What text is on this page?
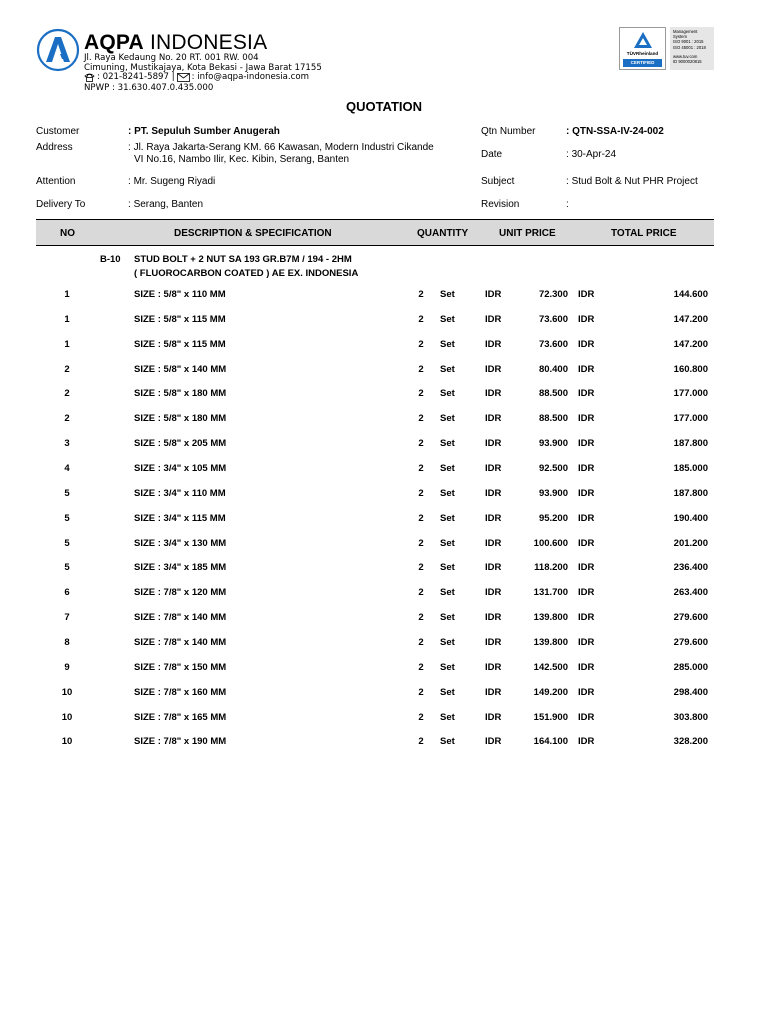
AQPA INDONESIA
Jl. Raya Kedaung No. 20 RT. 001 RW. 004
Cimuning, Mustikajaya, Kota Bekasi - Jawa Barat 17155
: 021-8241-5897 | : info@aqpa-indonesia.com
NPWP : 31.630.407.0.435.000
TÜVRheinland
CERTIFIED
Management System
ISO 9001 : 2015
ISO 45001 : 2018
www.tuv.com
ID 9000020815
QUOTATION
Customer	: PT. Sepuluh Sumber Anugerah
Address	: Jl. Raya Jakarta-Serang KM. 66 Kawasan, Modern Industri Cikande
VI No.16, Nambo Ilir, Kec. Kibin, Serang, Banten
Attention	: Mr. Sugeng Riyadi
Delivery To	: Serang, Banten
Qtn Number	: QTN-SSA-IV-24-002
Date	: 30-Apr-24
Subject	: Stud Bolt & Nut PHR Project
Revision	:
NO	DESCRIPTION & SPECIFICATION	QUANTITY	UNIT PRICE	TOTAL PRICE
B-10 STUD BOLT + 2 NUT SA 193 GR.B7M / 194 - 2HM
( FLUOROCARBON COATED ) AE EX. INDONESIA
1	SIZE : 5/8" x 110 MM	2	Set	IDR	72.300 IDR	144.600
1	SIZE : 5/8" x 115 MM	2	Set	IDR	73.600 IDR	147.200
1	SIZE : 5/8" x 115 MM	2	Set	IDR	73.600 IDR	147.200
2	SIZE : 5/8" x 140 MM	2	Set	IDR	80.400 IDR	160.800
2	SIZE : 5/8" x 180 MM	2	Set	IDR	88.500 IDR	177.000
2	SIZE : 5/8" x 180 MM	2	Set	IDR	88.500 IDR	177.000
3	SIZE : 5/8" x 205 MM	2	Set	IDR	93.900 IDR	187.800
4	SIZE : 3/4" x 105 MM	2	Set	IDR	92.500 IDR	185.000
5	SIZE : 3/4" x 110 MM	2	Set	IDR	93.900 IDR	187.800
5	SIZE : 3/4" x 115 MM	2	Set	IDR	95.200 IDR	190.400
5	SIZE : 3/4" x 130 MM	2	Set	IDR	100.600 IDR	201.200
5	SIZE : 3/4" x 185 MM	2	Set	IDR	118.200 IDR	236.400
6	SIZE : 7/8" x 120 MM	2	Set	IDR	131.700 IDR	263.400
7	SIZE : 7/8" x 140 MM	2	Set	IDR	139.800 IDR	279.600
8	SIZE : 7/8" x 140 MM	2	Set	IDR	139.800 IDR	279.600
9	SIZE : 7/8" x 150 MM	2	Set	IDR	142.500 IDR	285.000
10	SIZE : 7/8" x 160 MM	2	Set	IDR	149.200 IDR	298.400
10	SIZE : 7/8" x 165 MM	2	Set	IDR	151.900 IDR	303.800
10	SIZE : 7/8" x 190 MM	2	Set	IDR	164.100 IDR	328.200
